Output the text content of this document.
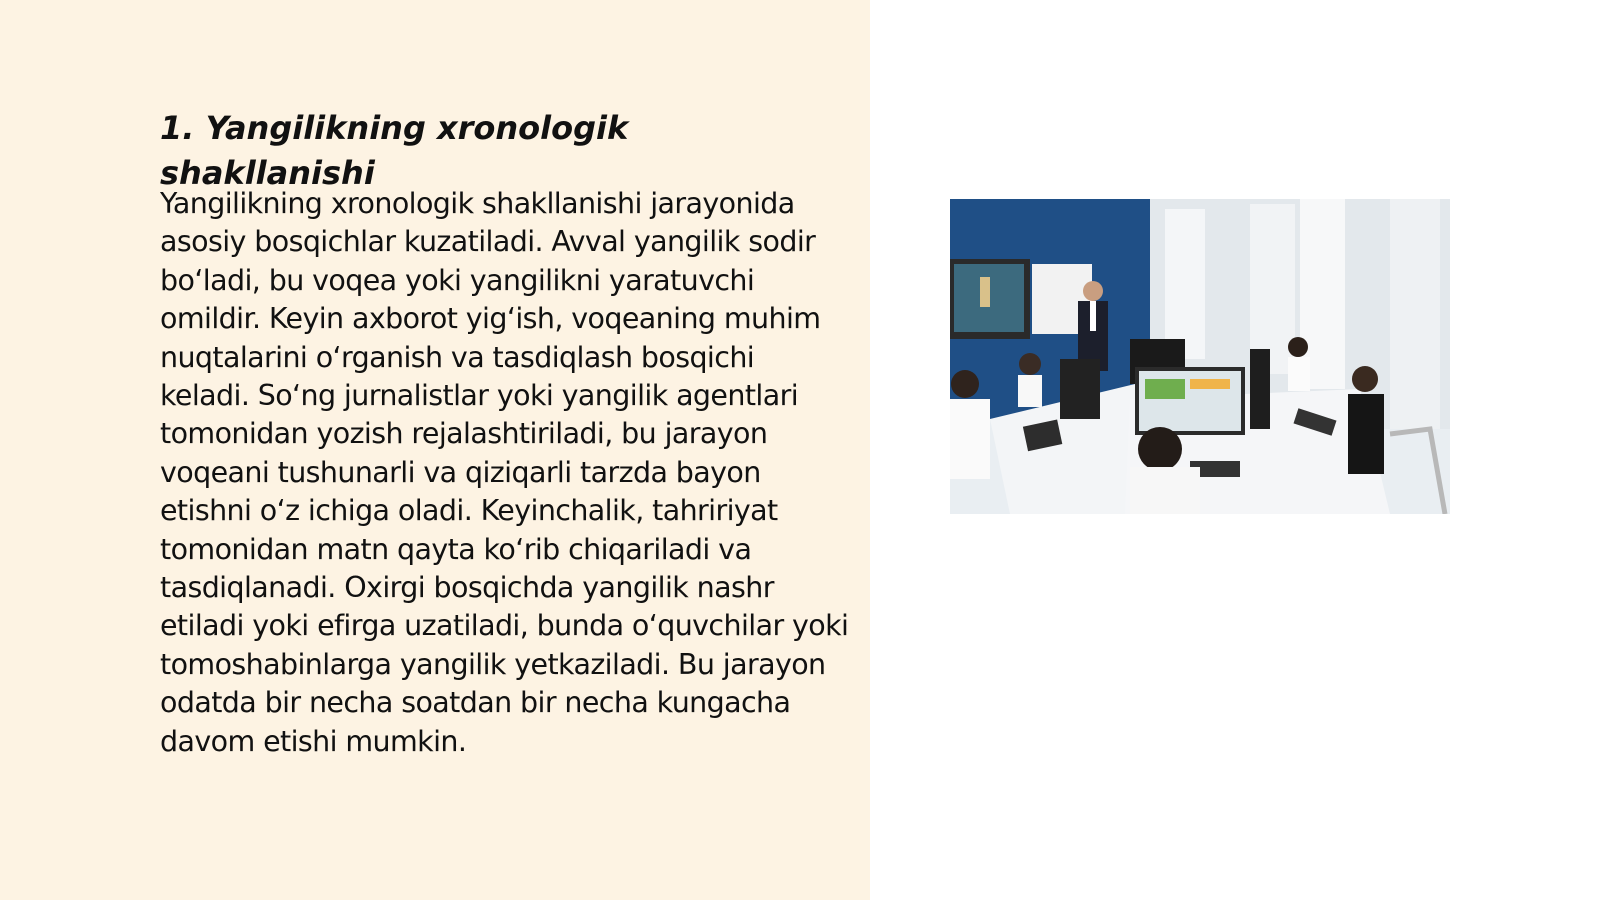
1. Yangilikning xronologik shakllanishi

Yangilikning xronologik shakllanishi jarayonida asosiy bosqichlar kuzatiladi. Avval yangilik sodir bo‘ladi, bu voqea yoki yangilikni yaratuvchi omildir. Keyin axborot yig‘ish, voqeaning muhim nuqtalarini o‘rganish va tasdiqlash bosqichi keladi. So‘ng jurnalistlar yoki yangilik agentlari tomonidan yozish rejalashtiriladi, bu jarayon voqeani tushunarli va qiziqarli tarzda bayon etishni o‘z ichiga oladi. Keyinchalik, tahririyat tomonidan matn qayta ko‘rib chiqariladi va tasdiqlanadi. Oxirgi bosqichda yangilik nashr etiladi yoki efirga uzatiladi, bunda o‘quvchilar yoki tomoshabinlarga yangilik yetkaziladi. Bu jarayon odatda bir necha soatdan bir necha kungacha davom etishi mumkin.
